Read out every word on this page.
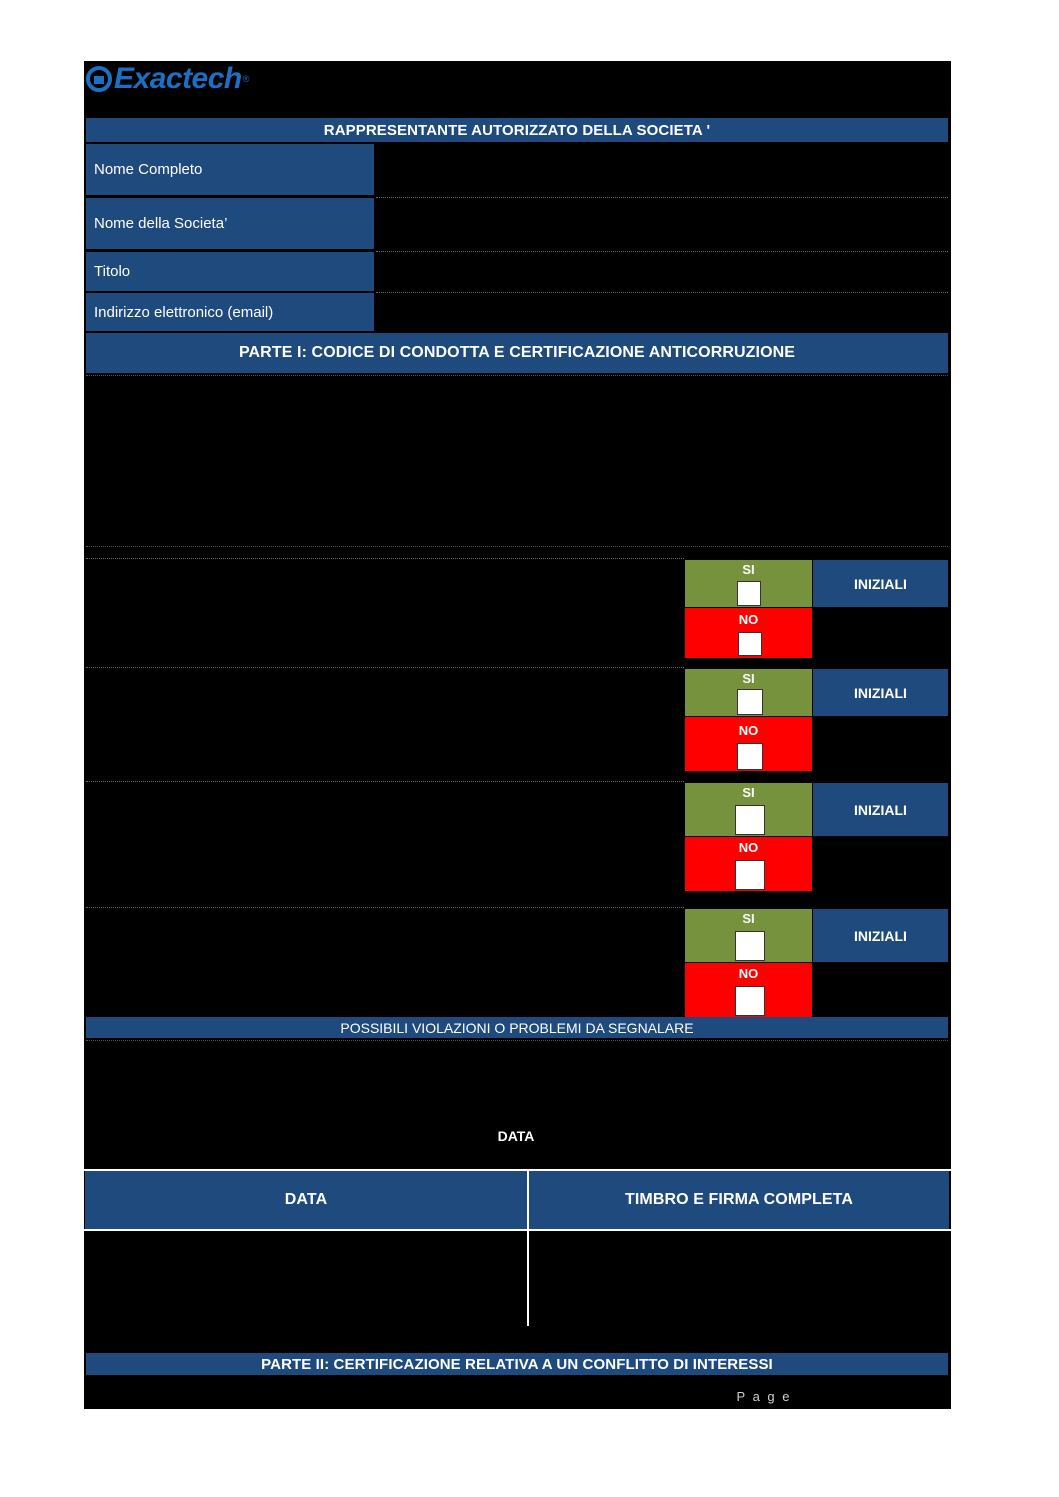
Exactech ®
RAPPRESENTANTE AUTORIZZATO DELLA SOCIETA '
Nome Completo
Nome della Societa’
Titolo
Indirizzo elettronico (email)
PARTE I: CODICE DI CONDOTTA E CERTIFICAZIONE ANTICORRUZIONE
SI
INIZIALI
NO
SI
INIZIALI
NO
SI
INIZIALI
NO
SI
INIZIALI
NO
POSSIBILI VIOLAZIONI O PROBLEMI DA SEGNALARE
DATA
DATA	TIMBRO E FIRMA COMPLETA
PARTE II: CERTIFICAZIONE RELATIVA A UN CONFLITTO DI INTERESSI
P a g e
